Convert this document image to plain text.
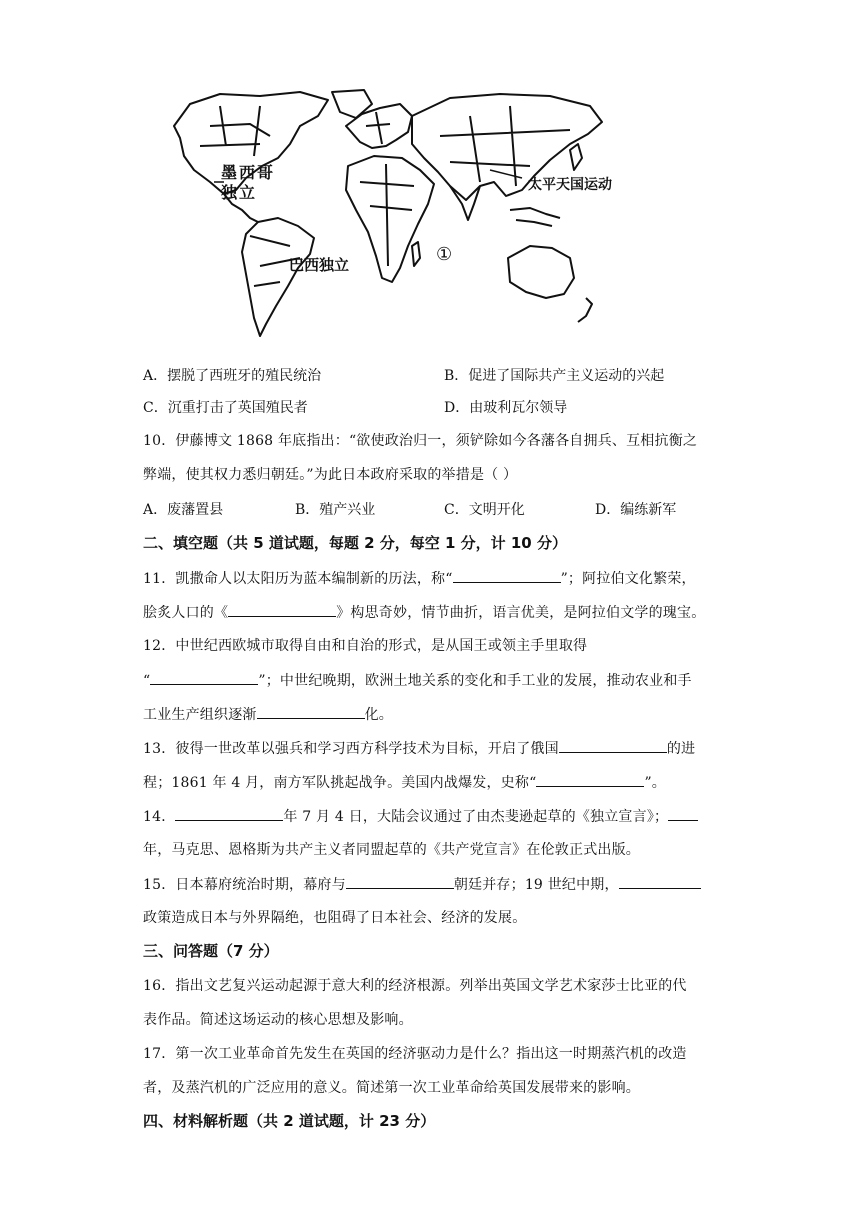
墨西哥
独立
巴西独立
太平天国运动
①
A．摆脱了西班牙的殖民统治	B．促进了国际共产主义运动的兴起
C．沉重打击了英国殖民者	D．由玻利瓦尔领导
10．伊藤博文 1868 年底指出：“欲使政治归一，须铲除如今各藩各自拥兵、互相抗衡之
弊端，使其权力悉归朝廷。”为此日本政府采取的举措是（ ）
A．废藩置县	B．殖产兴业	C．文明开化	D．编练新军
二、填空题（共 5 道试题，每题 2 分，每空 1 分，计 10 分）
11．凯撒命人以太阳历为蓝本编制新的历法，称“	”；阿拉伯文化繁荣，
脍炙人口的《	》构思奇妙，情节曲折，语言优美，是阿拉伯文学的瑰宝。
12．中世纪西欧城市取得自由和自治的形式，是从国王或领主手里取得
“	”；中世纪晚期，欧洲土地关系的变化和手工业的发展，推动农业和手
工业生产组织逐渐	化。
13．彼得一世改革以强兵和学习西方科学技术为目标，开启了俄国	的进
程；1861 年 4 月，南方军队挑起战争。美国内战爆发，史称“	”。
14．	年 7 月 4 日，大陆会议通过了由杰斐逊起草的《独立宣言》；
年，马克思、恩格斯为共产主义者同盟起草的《共产党宣言》在伦敦正式出版。
15．日本幕府统治时期，幕府与	朝廷并存；19 世纪中期，
政策造成日本与外界隔绝，也阻碍了日本社会、经济的发展。
三、问答题（7 分）
16．指出文艺复兴运动起源于意大利的经济根源。列举出英国文学艺术家莎士比亚的代
表作品。简述这场运动的核心思想及影响。
17．第一次工业革命首先发生在英国的经济驱动力是什么？指出这一时期蒸汽机的改造
者，及蒸汽机的广泛应用的意义。简述第一次工业革命给英国发展带来的影响。
四、材料解析题（共 2 道试题，计 23 分）
